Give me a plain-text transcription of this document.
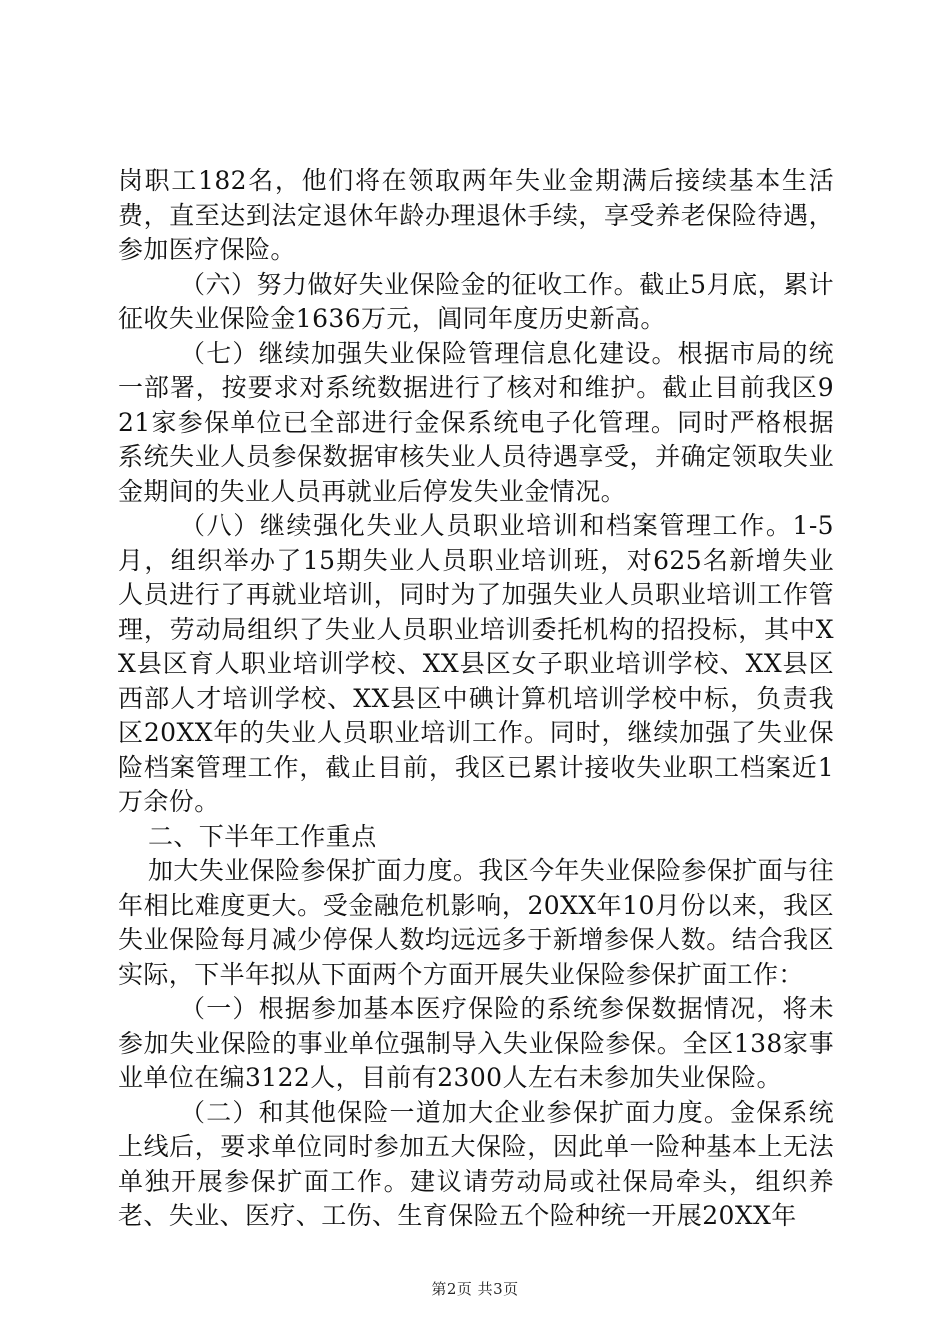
岗职工182名，他们将在领取两年失业金期满后接续基本生活费，直至达到法定退休年龄办理退休手续，享受养老保险待遇，参加医疗保险。

（六）努力做好失业保险金的征收工作。截止5月底，累计征收失业保险金1636万元，阊同年度历史新高。

（七）继续加强失业保险管理信息化建设。根据市局的统一部署，按要求对系统数据进行了核对和维护。截止目前我区921家参保单位已全部进行金保系统电子化管理。同时严格根据系统失业人员参保数据审核失业人员待遇享受，并确定领取失业金期间的失业人员再就业后停发失业金情况。

（八）继续强化失业人员职业培训和档案管理工作。1-5月，组织举办了15期失业人员职业培训班，对625名新增失业人员进行了再就业培训，同时为了加强失业人员职业培训工作管理，劳动局组织了失业人员职业培训委托机构的招投标，其中XX县区育人职业培训学校、XX县区女子职业培训学校、XX县区西部人才培训学校、XX县区中碘计算机培训学校中标，负责我区20XX年的失业人员职业培训工作。同时，继续加强了失业保险档案管理工作，截止目前，我区已累计接收失业职工档案近1万余份。

二、下半年工作重点

加大失业保险参保扩面力度。我区今年失业保险参保扩面与往年相比难度更大。受金融危机影响，20XX年10月份以来，我区失业保险每月减少停保人数均远远多于新增参保人数。结合我区实际，下半年拟从下面两个方面开展失业保险参保扩面工作：

（一）根据参加基本医疗保险的系统参保数据情况，将未参加失业保险的事业单位强制导入失业保险参保。全区138家事业单位在编3122人，目前有2300人左右未参加失业保险。

（二）和其他保险一道加大企业参保扩面力度。金保系统上线后，要求单位同时参加五大保险，因此单一险种基本上无法单独开展参保扩面工作。建议请劳动局或社保局牵头，组织养老、失业、医疗、工伤、生育保险五个险种统一开展20XX年

第2页 共3页
